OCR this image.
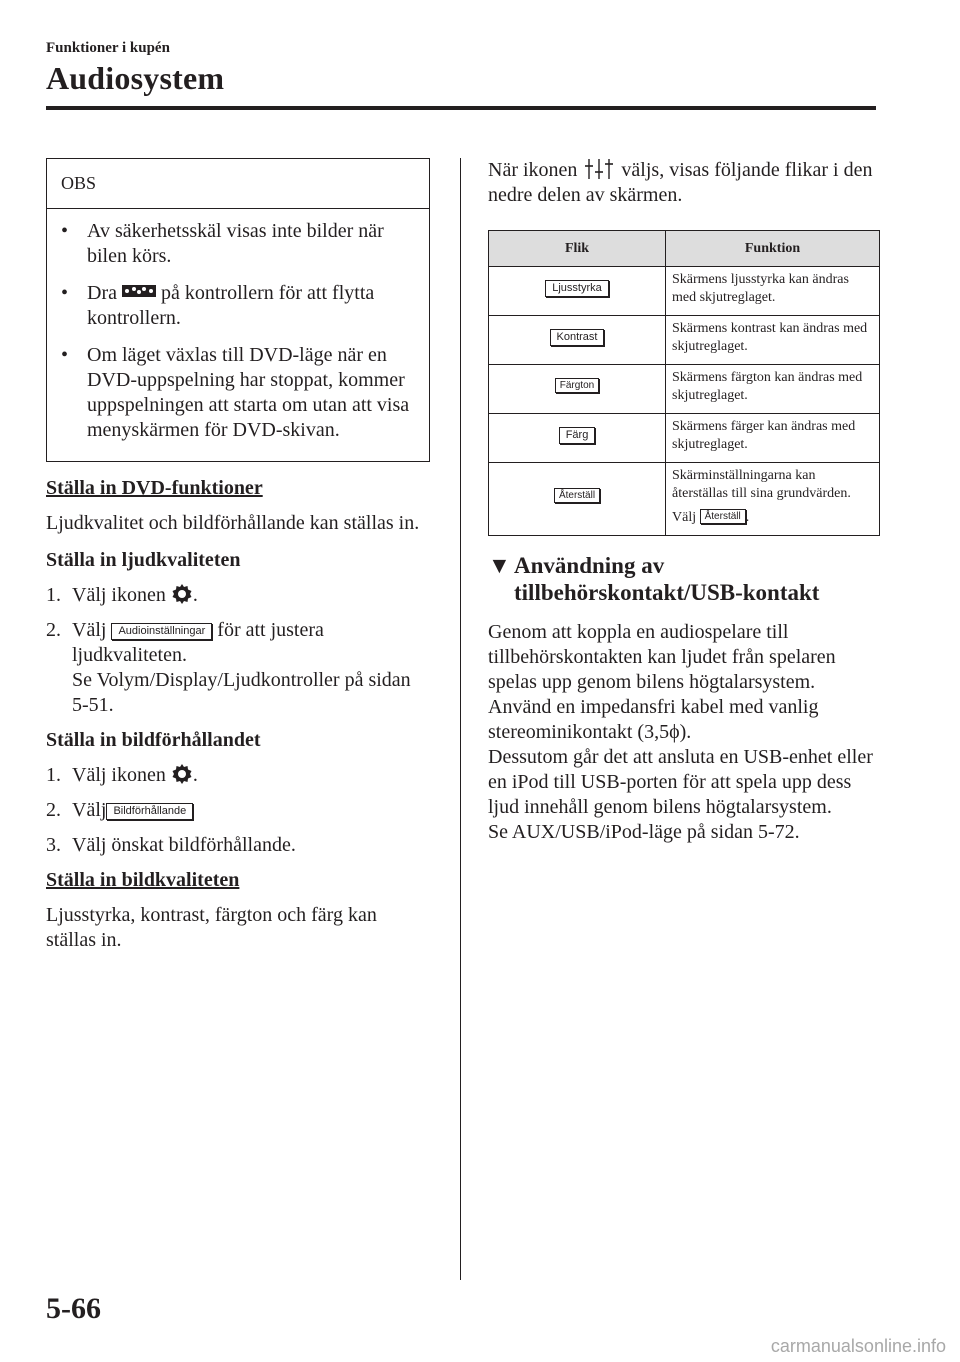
Funktioner i kupén
Audiosystem
OBS
• Av säkerhetsskäl visas inte bilder när bilen körs.
• Dra på kontrollern för att flytta kontrollern.
• Om läget växlas till DVD-läge när en DVD-uppspelning har stoppat, kommer uppspelningen att starta om utan att visa menyskärmen för DVD-skivan.

Ställa in DVD-funktioner

Ljudkvalitet och bildförhållande kan ställas in.

Ställa in ljudkvaliteten

1. Välj ikonen .
2. Välj Audioinställningar för att justera ljudkvaliteten.
Se Volym/Display/Ljudkontroller på sidan 5-51.

Ställa in bildförhållandet

1. Välj ikonen .
2. Välj Bildförhållande
3. Välj önskat bildförhållande.

Ställa in bildkvaliteten

Ljusstyrka, kontrast, färgton och färg kan ställas in.

När ikonen väljs, visas följande flikar i den nedre delen av skärmen.

Flik	Funktion
Ljusstyrka	Skärmens ljusstyrka kan ändras med skjutreglaget.
Kontrast	Skärmens kontrast kan ändras med skjutreglaget.
Färgton	Skärmens färgton kan ändras med skjutreglaget.
Färg	Skärmens färger kan ändras med skjutreglaget.
Återställ	Skärminställningarna kan återställas till sina grundvärden.
Välj Återställ .
▼ Användning av tillbehörskontakt/USB-kontakt

Genom att koppla en audiospelare till tillbehörskontakten kan ljudet från spelaren spelas upp genom bilens högtalarsystem.
Använd en impedansfri kabel med vanlig stereominikontakt (3,5ϕ).
Dessutom går det att ansluta en USB-enhet eller en iPod till USB-porten för att spela upp dess ljud innehåll genom bilens högtalarsystem.
Se AUX/USB/iPod-läge på sidan 5-72.

5-66
carmanualsonline.info
